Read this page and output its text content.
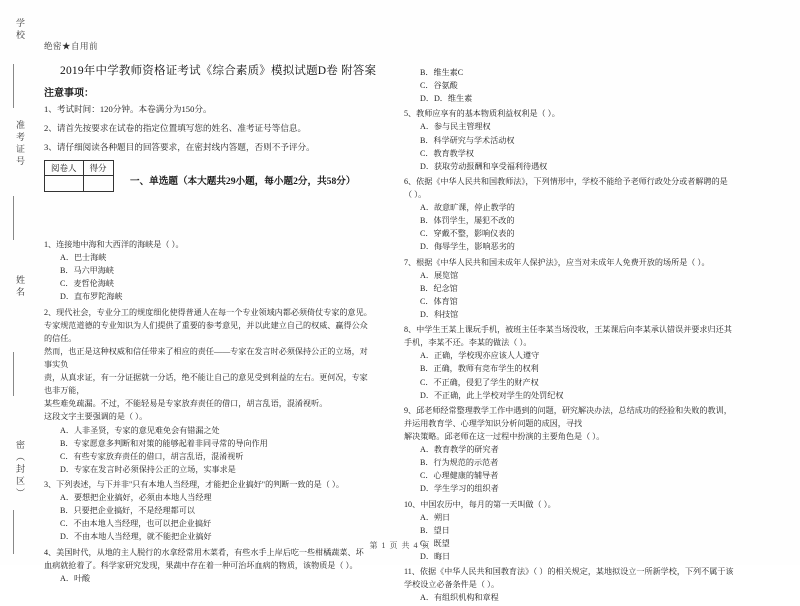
学校
准考证号
姓名
密（封区）
绝密★自用前
2019年中学教师资格证考试《综合素质》模拟试题D卷 附答案
注意事项：
1、考试时间：120分钟。本卷满分为150分。
2、请首先按要求在试卷的指定位置填写您的姓名、准考证号等信息。
3、请仔细阅读各种题目的回答要求，在密封线内答题，否则不予评分。
阅卷人	得分

一、单选题（本大题共29小题，每小题2分，共58分）
1、连接地中海和大西洋的海峡是（ ）。
A．巴士海峡
B．马六甲海峡
C．麦哲伦海峡
D．直布罗陀海峡
2、现代社会，专业分工的规度细化使得普通人在每一个专业领域内都必须倚仗专家的意见。
专家规范道德的专业知识为人们提供了重要的参考意见，并以此建立自己的权威、赢得公众的信任。
然而，也正是这种权威和信任带来了相应的责任——专家在发言时必须保持公正的立场，对事实负
责，从真求证，有一分证据就一分话，绝不能让自己的意见受到利益的左右。更何况，专家也非万能，
某些难免疏漏。不过，不能轻易是专家放弃责任的借口，胡言乱语，混淆视听。
这段文字主要强调的是（ ）。
A．人非圣贤，专家的意见难免会有错漏之处
B．专家愿意多判断和对策的能够起着非同寻常的导向作用
C．有些专家放弃责任的借口，胡言乱语，混淆视听
D．专家在发言时必须保持公正的立场，实事求是
3、下列表述，与下并非"只有本地人当经理，才能把企业搞好"的判断一致的是（ ）。
A．要想把企业搞好，必须由本地人当经理
B．只要把企业搞好，不是经理都可以
C．不由本地人当经理，也可以把企业搞好
D．不由本地人当经理，就不能把企业搞好
4、美国时代，从地的主人脱行的水拿经常用木菜肴，有些水手上岸后吃一些柑橘蔬菜、坏
血病就抢着了。科学家研究发现，果蔬中存在着一种可治坏血病的物质，该物质是（ ）。
A．叶酸
B．维生素C
C．谷氨酸
D．D．维生素
5、教师应享有的基本物质利益权利是（ ）。
A．参与民主管理权
B．科学研究与学术活动权
C．教育教学权
D．获取劳动报酬和享受福利待遇权
6、依据《中华人民共和国教师法》，下列情形中，学校不能给予老师行政处分或者解聘的是（ ）。
A．故意旷课，停止教学的
B．体罚学生，屡犯不改的
C．穿戴不整，影响仪表的
D．侮辱学生，影响恶劣的
7、根据《中华人民共和国未成年人保护法》，应当对未成年人免费开放的场所是（ ）。
A．展览馆
B．纪念馆
C．体育馆
D．科技馆
8、中学生王某上课玩手机，被班主任李某当场没收，王某课后向李某承认错误并要求归还其
手机，李某不还。李某的做法（ ）。
A．正确，学校现亦应该人人遵守
B．正确，教师有竞布学生的权利
C．不正确，侵犯了学生的财产权
D．不正确，此上学校对学生的处罚纪权
9、邱老师经常整理教学工作中遇到的问题，研究解决办法，总结成功的经验和失败的教训，并运用教育学、心理学知识分析问题的成因，寻找
解决策略。邱老师在这一过程中扮演的主要角色是（ ）。
A．教育教学的研究者
B．行为规范的示范者
C．心理健康的辅导者
D．学生学习的组织者
10、中国农历中，每月的第一天叫做（ ）。
A．朔日
B．望日
C．既望
D．晦日
11、依据《中华人民共和国教育法》（ ）的相关规定，某地拟设立一所新学校，下列不属于该学校设立必备条件是（ ）。
A．有组织机构和章程
第 1 页 共 4 页
